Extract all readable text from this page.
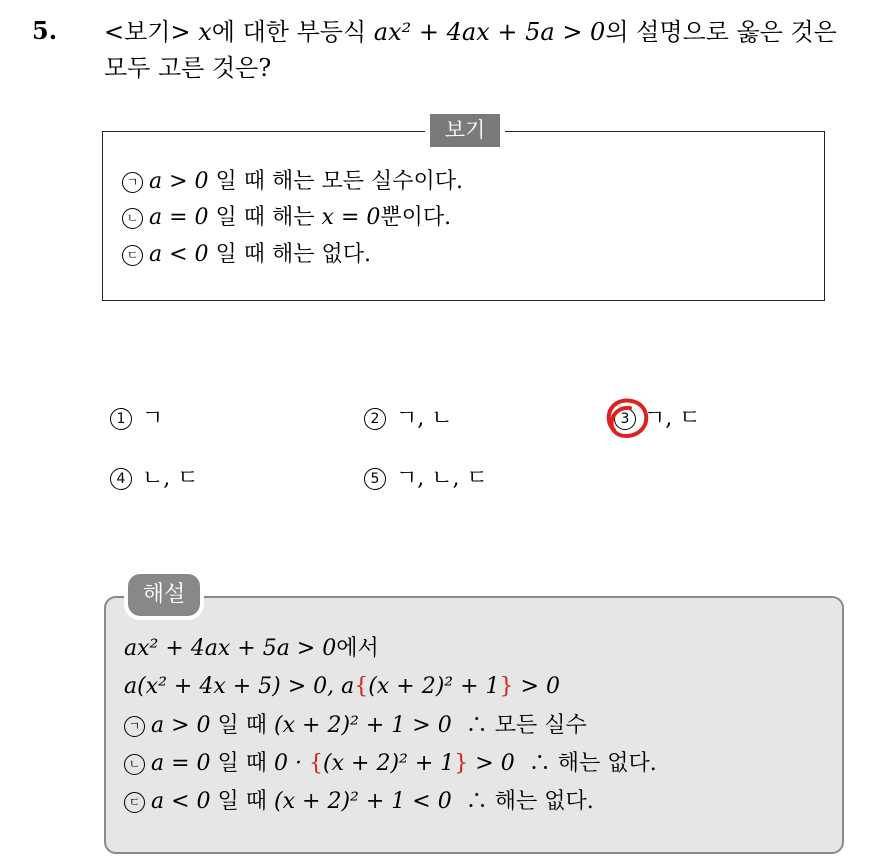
5. <보기> x에 대한 부등식 ax² + 4ax + 5a > 0의 설명으로 옳은 것은
모두 고른 것은?
보기
ㄱ a > 0 일 때 해는 모든 실수이다.
ㄴ a = 0 일 때 해는 x = 0뿐이다.
ㄷ a < 0 일 때 해는 없다.
1 ㄱ	2 ㄱ, ㄴ	3 ㄱ, ㄷ
4 ㄴ, ㄷ	5 ㄱ, ㄴ, ㄷ
해설
ax² + 4ax + 5a > 0에서
a(x² + 4x + 5) > 0, a{(x + 2)² + 1} > 0
ㄱ a > 0 일 때 (x + 2)² + 1 > 0 ∴ 모든 실수
ㄴ a = 0 일 때 0 · {(x + 2)² + 1} > 0 ∴ 해는 없다.
ㄷ a < 0 일 때 (x + 2)² + 1 < 0 ∴ 해는 없다.
